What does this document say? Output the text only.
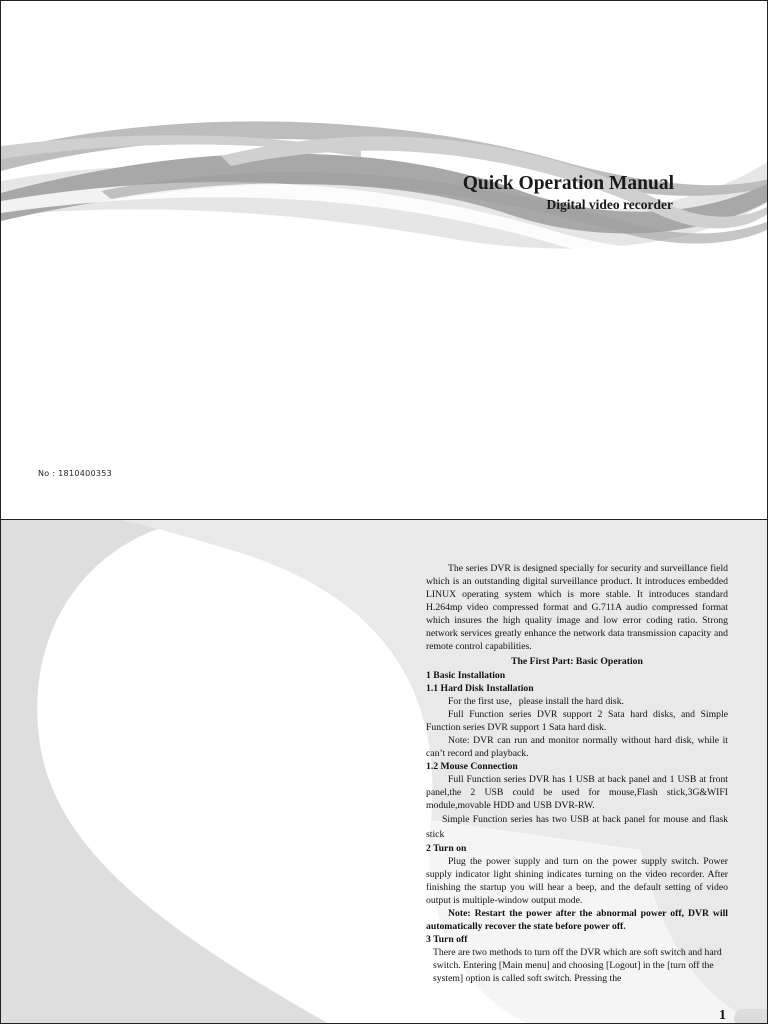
Quick Operation Manual
Digital video recorder
No : 1810400353

The series DVR is designed specially for security and surveillance field which is an outstanding digital surveillance product. It introduces embedded LINUX operating system which is more stable. It introduces standard H.264mp video compressed format and G.711A audio compressed format which insures the high quality image and low error coding ratio. Strong network services greatly enhance the network data transmission capacity and remote control capabilities.

The First Part: Basic Operation

1 Basic Installation

1.1 Hard Disk Installation

For the first use，please install the hard disk.

Full Function series DVR support 2 Sata hard disks, and Simple Function series DVR support 1 Sata hard disk.

Note: DVR can run and monitor normally without hard disk, while it can’t record and playback.

1.2 Mouse Connection

Full Function series DVR has 1 USB at back panel and 1 USB at front panel,the 2 USB could be used for mouse,Flash stick,3G&WIFI module,movable HDD and USB DVR-RW.

Simple Function series has two USB at back panel for mouse and flask stick

2 Turn on

Plug the power supply and turn on the power supply switch. Power supply indicator light shining indicates turning on the video recorder. After finishing the startup you will hear a beep, and the default setting of video output is multiple-window output mode.

Note: Restart the power after the abnormal power off, DVR will automatically recover the state before power off.

3 Turn off

There are two methods to turn off the DVR which are soft switch and hard switch. Entering [Main menu] and choosing [Logout] in the [turn off the system] option is called soft switch. Pressing the

1
